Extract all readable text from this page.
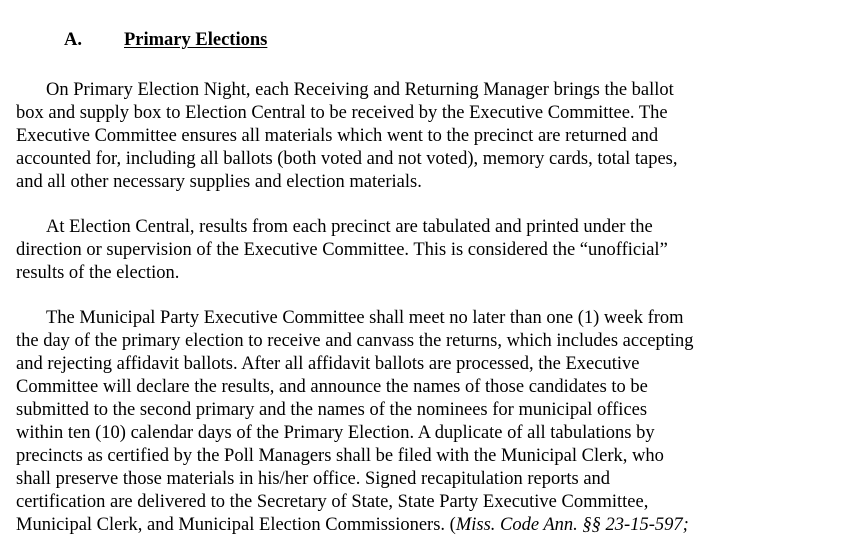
A. Primary Elections

On Primary Election Night, each Receiving and Returning Manager brings the ballot
box and supply box to Election Central to be received by the Executive Committee. The
Executive Committee ensures all materials which went to the precinct are returned and
accounted for, including all ballots (both voted and not voted), memory cards, total tapes,
and all other necessary supplies and election materials.

At Election Central, results from each precinct are tabulated and printed under the
direction or supervision of the Executive Committee. This is considered the “unofficial”
results of the election.

The Municipal Party Executive Committee shall meet no later than one (1) week from
the day of the primary election to receive and canvass the returns, which includes accepting
and rejecting affidavit ballots. After all affidavit ballots are processed, the Executive
Committee will declare the results, and announce the names of those candidates to be
submitted to the second primary and the names of the nominees for municipal offices
within ten (10) calendar days of the Primary Election. A duplicate of all tabulations by
precincts as certified by the Poll Managers shall be filed with the Municipal Clerk, who
shall preserve those materials in his/her office. Signed recapitulation reports and
certification are delivered to the Secretary of State, State Party Executive Committee,
Municipal Clerk, and Municipal Election Commissioners. (Miss. Code Ann. §§ 23-15-597;
